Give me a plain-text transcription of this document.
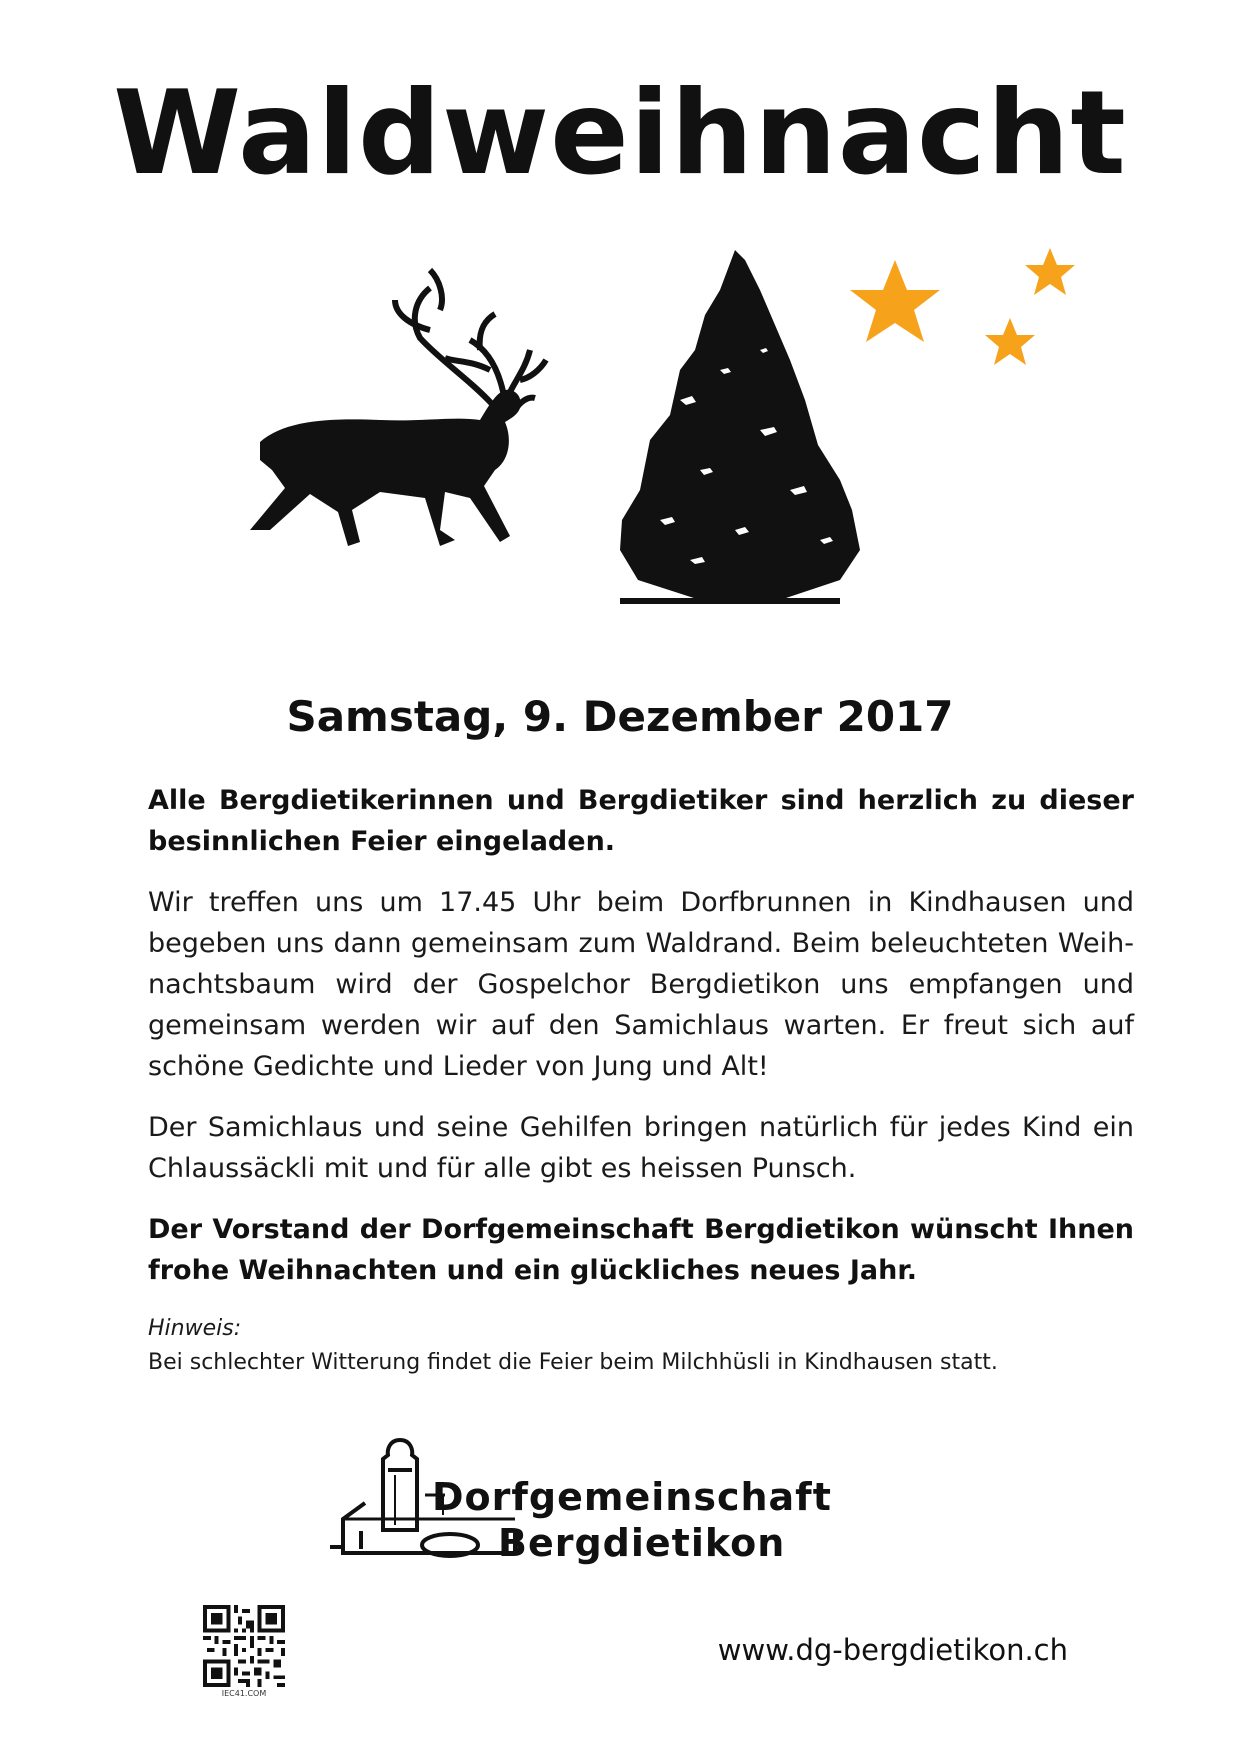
Waldweihnacht
Samstag, 9. Dezember 2017

Alle Bergdietikerinnen und Bergdietiker sind herzlich zu dieser besinnlichen Feier eingeladen.

Wir treffen uns um 17.45 Uhr beim Dorfbrunnen in Kindhausen und begeben uns dann gemeinsam zum Waldrand. Beim beleuchteten Weihnachtsbaum wird der Gospelchor Bergdietikon uns empfangen und gemeinsam werden wir auf den Samichlaus warten. Er freut sich auf schöne Gedichte und Lieder von Jung und Alt!

Der Samichlaus und seine Gehilfen bringen natürlich für jedes Kind ein Chlaussäckli mit und für alle gibt es heissen Punsch.

Der Vorstand der Dorfgemeinschaft Bergdietikon wünscht Ihnen frohe Weihnachten und ein glückliches neues Jahr.

Hinweis:
Bei schlechter Witterung findet die Feier beim Milchhüsli in Kindhausen statt.
Dorfgemeinschaft
Bergdietikon
IEC41.COM
www.dg-bergdietikon.ch
